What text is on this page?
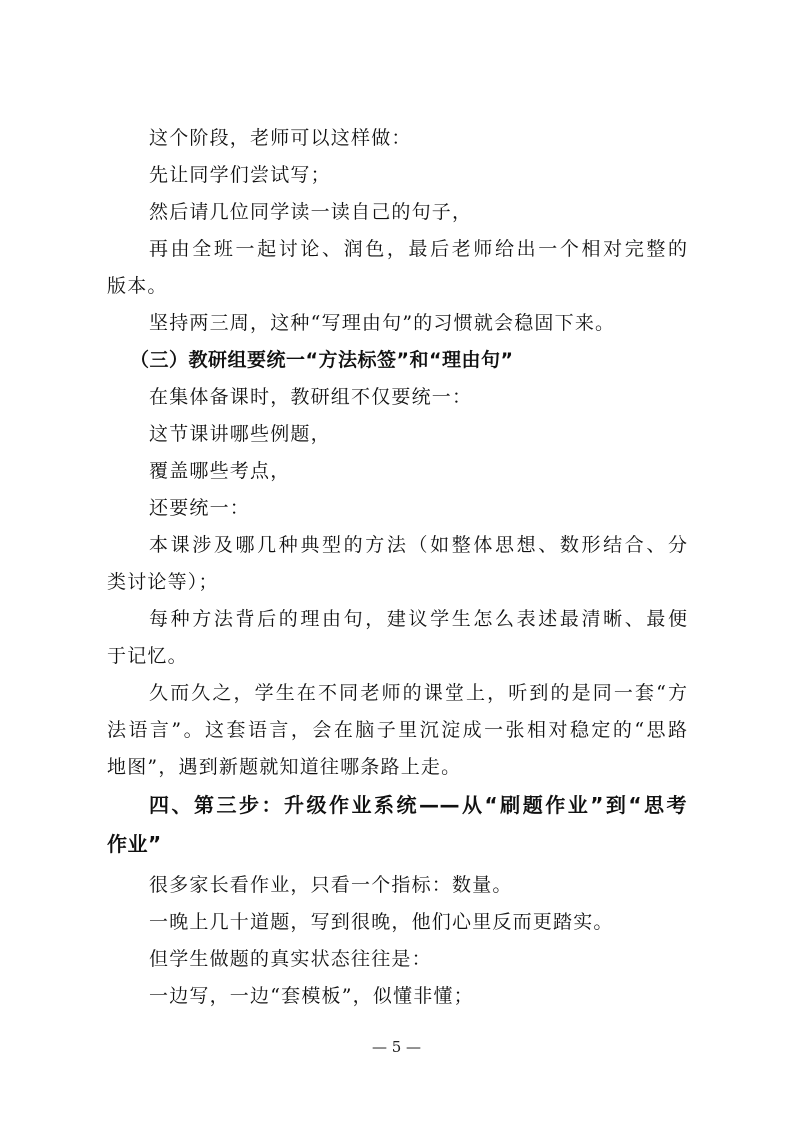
这个阶段，老师可以这样做：
先让同学们尝试写；
然后请几位同学读一读自己的句子，
再由全班一起讨论、润色，最后老师给出一个相对完整的
版本。
坚持两三周，这种“写理由句”的习惯就会稳固下来。
（三）教研组要统一“方法标签”和“理由句”
在集体备课时，教研组不仅要统一：
这节课讲哪些例题，
覆盖哪些考点，
还要统一：
本课涉及哪几种典型的方法（如整体思想、数形结合、分
类讨论等）；
每种方法背后的理由句，建议学生怎么表述最清晰、最便
于记忆。
久而久之，学生在不同老师的课堂上，听到的是同一套“方
法语言”。这套语言，会在脑子里沉淀成一张相对稳定的“思路
地图”，遇到新题就知道往哪条路上走。
四、第三步：升级作业系统——从“刷题作业”到“思考
作业”
很多家长看作业，只看一个指标：数量。
一晚上几十道题，写到很晚，他们心里反而更踏实。
但学生做题的真实状态往往是：
一边写，一边“套模板”，似懂非懂；
— 5 —
